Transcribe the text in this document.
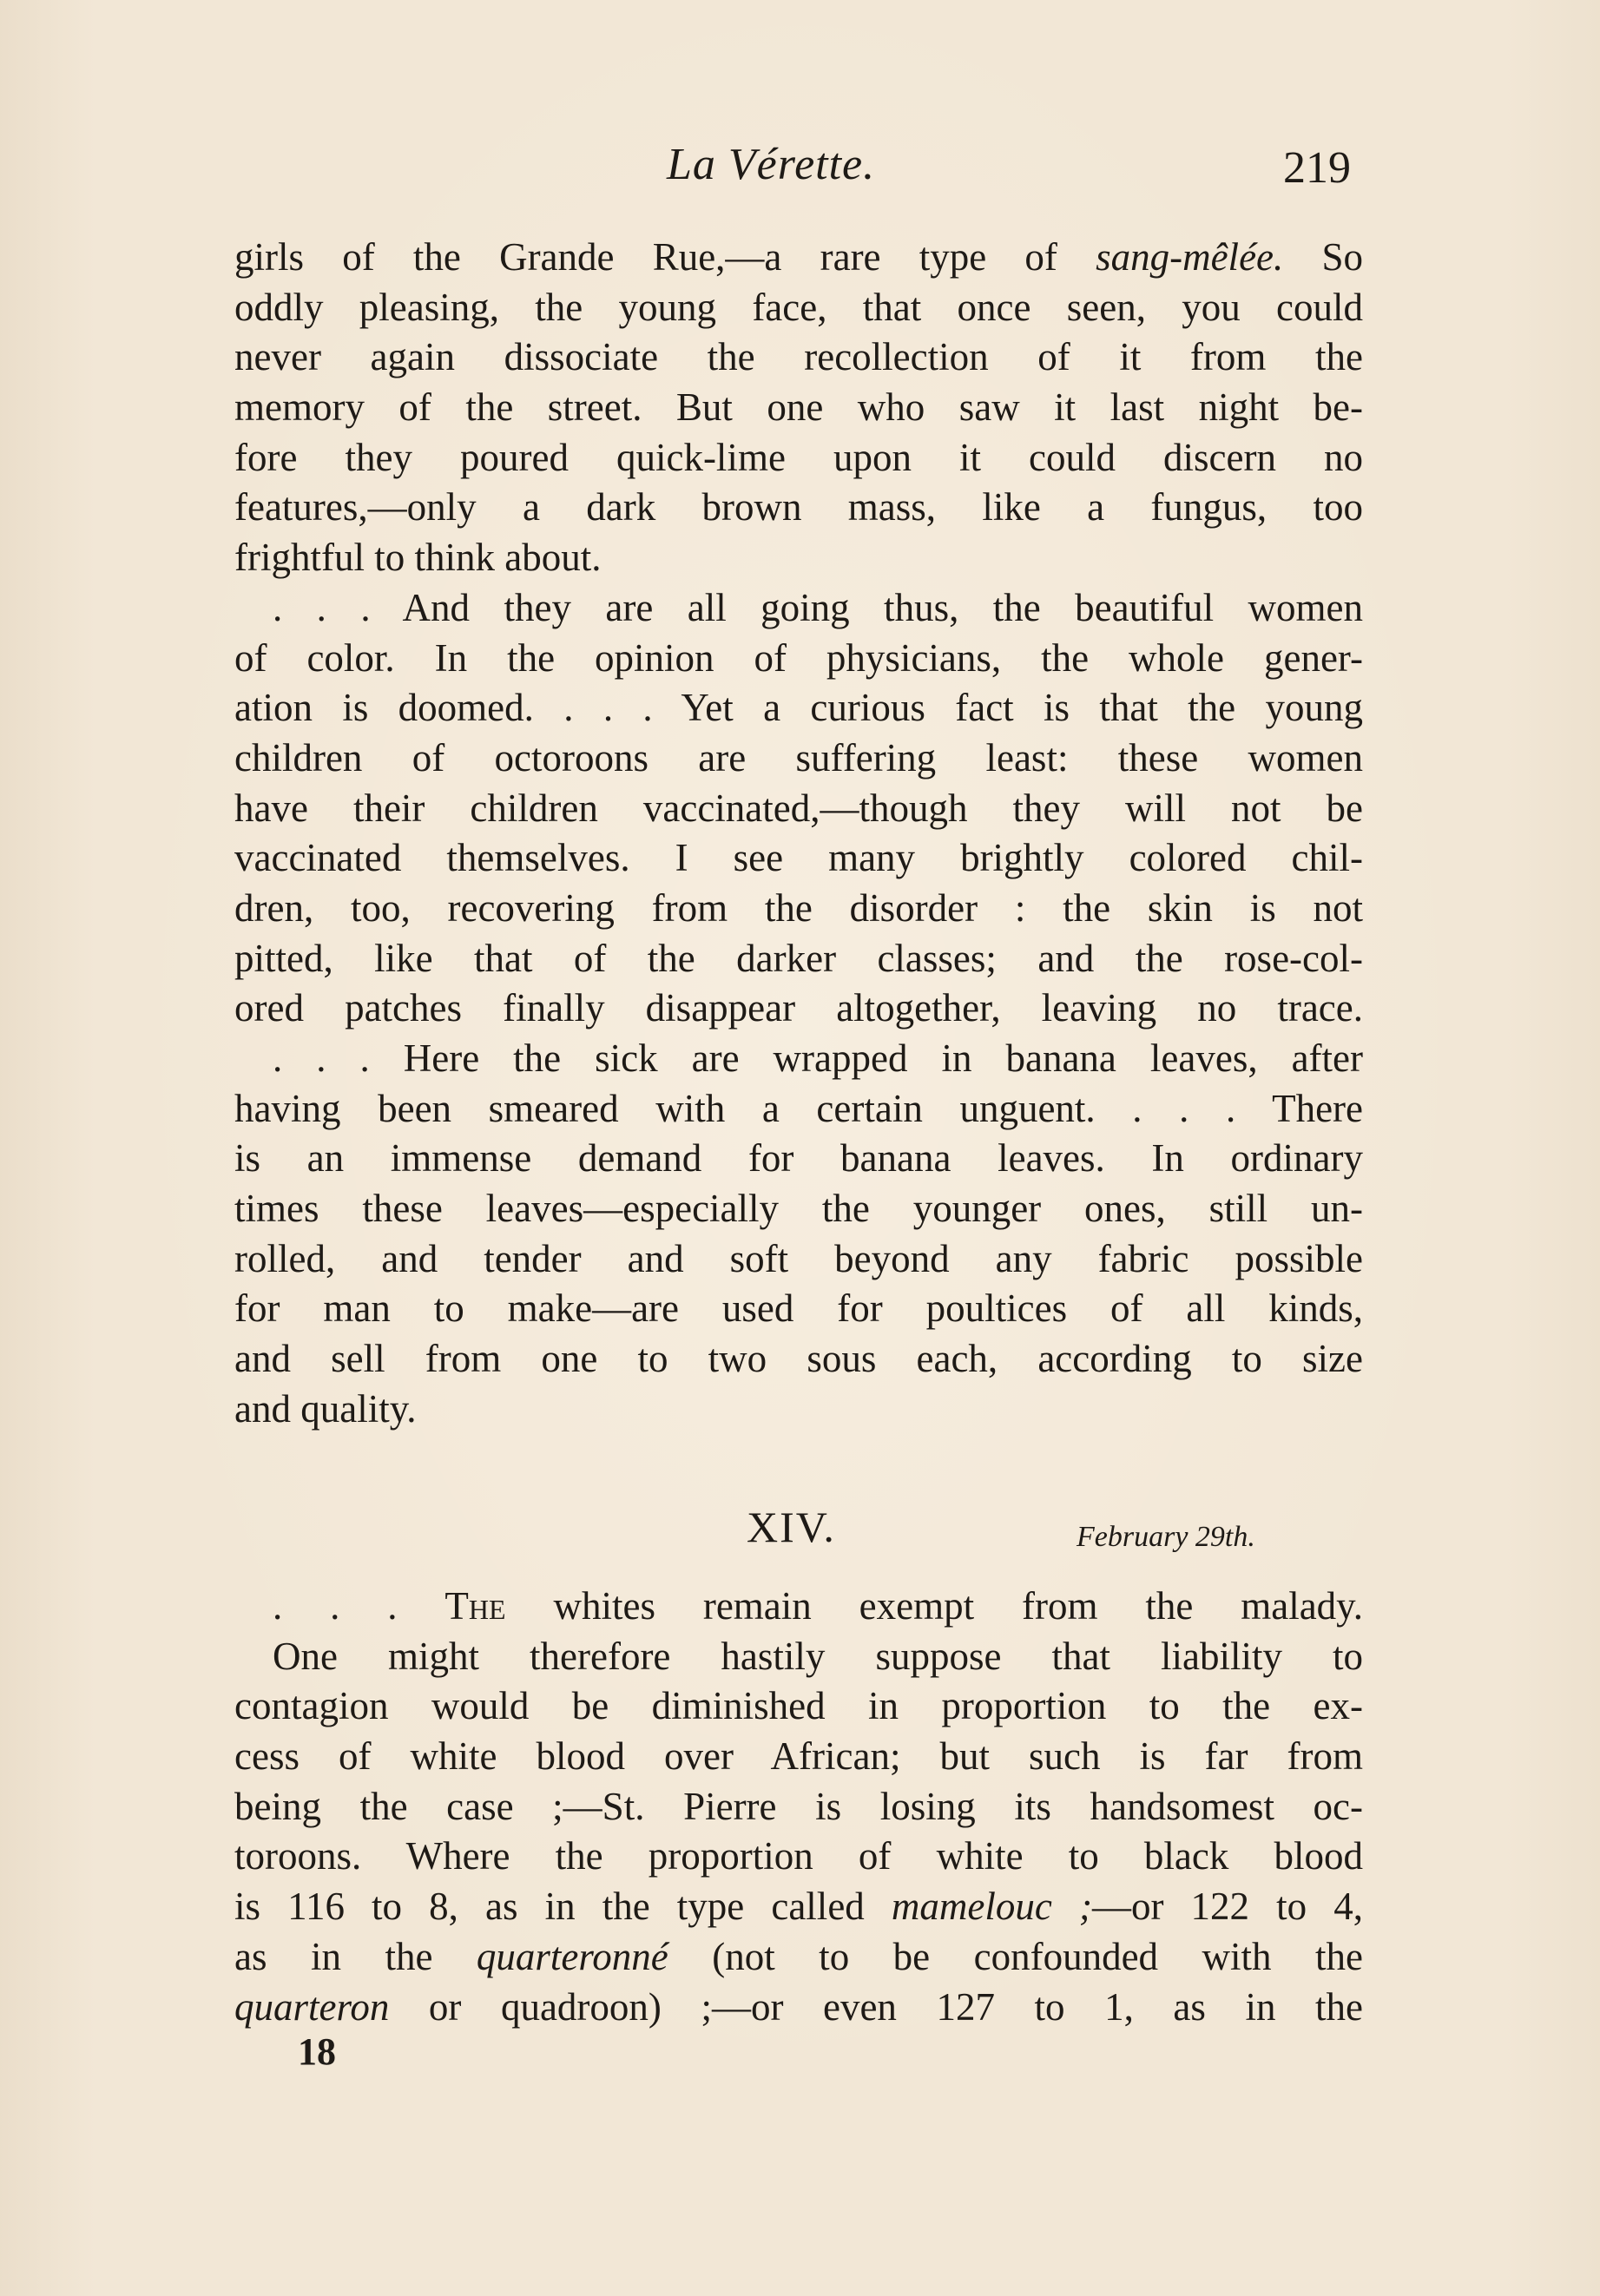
La Vérette.	219
girls of the Grande Rue,—a rare type of sang-mêlée. So
oddly pleasing, the young face, that once seen, you could
never again dissociate the recollection of it from the
memory of the street. But one who saw it last night be-
fore they poured quick-lime upon it could discern no
features,—only a dark brown mass, like a fungus, too
frightful to think about.
. . . And they are all going thus, the beautiful women
of color. In the opinion of physicians, the whole gener-
ation is doomed. . . . Yet a curious fact is that the young
children of octoroons are suffering least: these women
have their children vaccinated,—though they will not be
vaccinated themselves. I see many brightly colored chil-
dren, too, recovering from the disorder : the skin is not
pitted, like that of the darker classes; and the rose-col-
ored patches finally disappear altogether, leaving no trace.
. . . Here the sick are wrapped in banana leaves, after
having been smeared with a certain unguent. . . . There
is an immense demand for banana leaves. In ordinary
times these leaves—especially the younger ones, still un-
rolled, and tender and soft beyond any fabric possible
for man to make—are used for poultices of all kinds,
and sell from one to two sous each, according to size
and quality.
XIV.	February 29th.
. . . The whites remain exempt from the malady.
One might therefore hastily suppose that liability to
contagion would be diminished in proportion to the ex-
cess of white blood over African; but such is far from
being the case ;—St. Pierre is losing its handsomest oc-
toroons. Where the proportion of white to black blood
is 116 to 8, as in the type called mamelouc ;—or 122 to 4,
as in the quarteronné (not to be confounded with the
quarteron or quadroon) ;—or even 127 to 1, as in the
18
